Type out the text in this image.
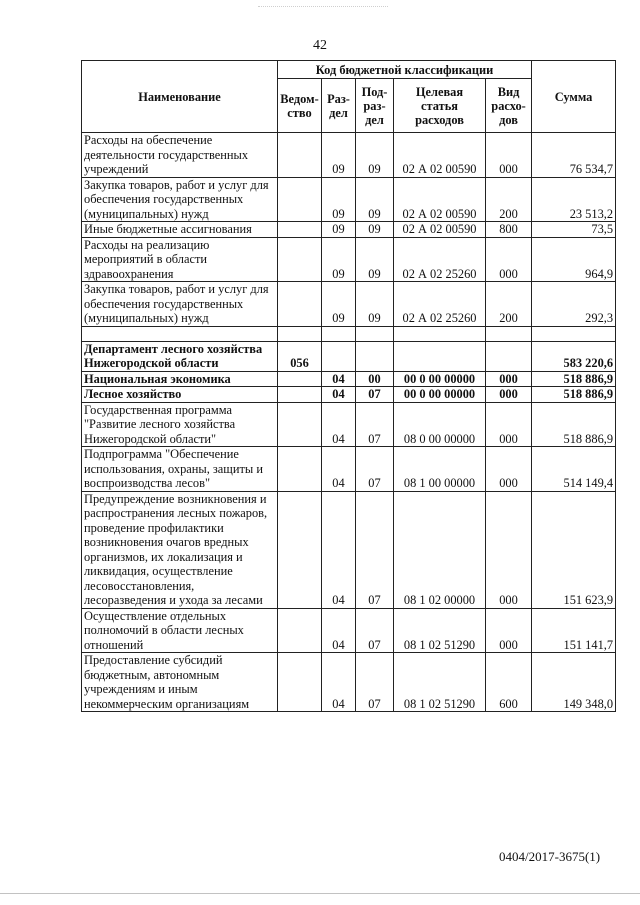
42
Наименование	Код бюджетной классификации					Сумма
	Ведом-ство	Раз-дел	Под-раз-дел	Целевая статья расходов	Вид расхо-дов	
Расходы на обеспечение деятельности государственных учреждений		09	09	02 А 02 00590	000	76 534,7
Закупка товаров, работ и услуг для обеспечения государственных (муниципальных) нужд		09	09	02 А 02 00590	200	23 513,2
Иные бюджетные ассигнования		09	09	02 А 02 00590	800	73,5
Расходы на реализацию мероприятий в области здравоохранения		09	09	02 А 02 25260	000	964,9
Закупка товаров, работ и услуг для обеспечения государственных (муниципальных) нужд		09	09	02 А 02 25260	200	292,3

Департамент лесного хозяйства Нижегородской области	056					583 220,6
Национальная экономика		04	00	00 0 00 00000	000	518 886,9
Лесное хозяйство		04	07	00 0 00 00000	000	518 886,9
Государственная программа "Развитие лесного хозяйства Нижегородской области"		04	07	08 0 00 00000	000	518 886,9
Подпрограмма "Обеспечение использования, охраны, защиты и воспроизводства лесов"		04	07	08 1 00 00000	000	514 149,4
Предупреждение возникновения и распространения лесных пожаров, проведение профилактики возникновения очагов вредных организмов, их локализация и ликвидация, осуществление лесовосстановления, лесоразведения и ухода за лесами		04	07	08 1 02 00000	000	151 623,9
Осуществление отдельных полномочий в области лесных отношений		04	07	08 1 02 51290	000	151 141,7
Предоставление субсидий бюджетным, автономным учреждениям и иным некоммерческим организациям		04	07	08 1 02 51290	600	149 348,0
0404/2017-3675(1)
